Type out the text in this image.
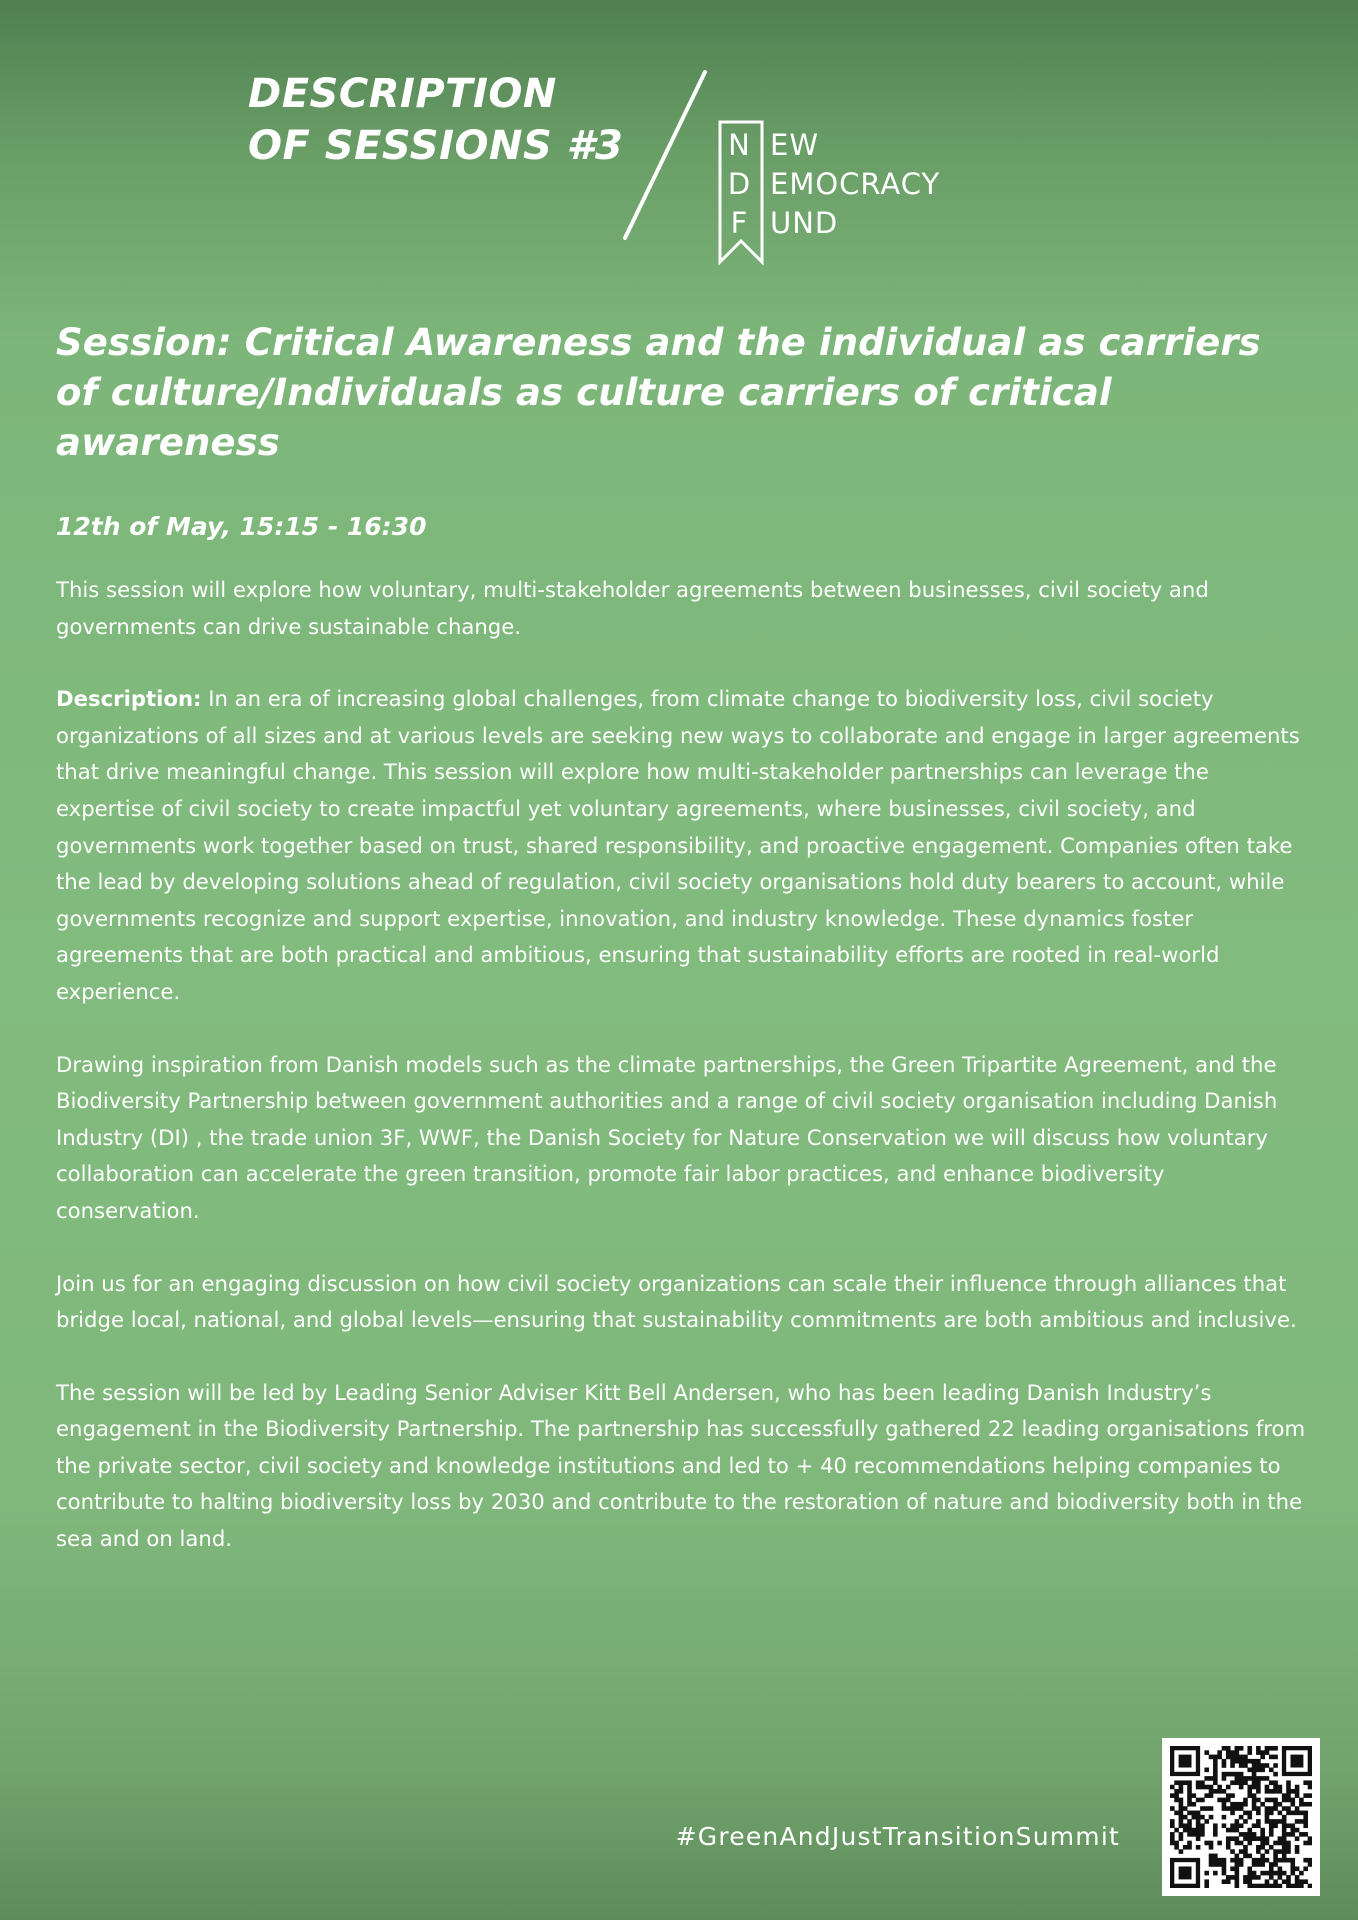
DESCRIPTION
OF SESSIONS #3	N
D
F
EW
EMOCRACY
UND
Session: Critical Awareness and the individual as carriers of culture/Individuals as culture carriers of critical awareness

12th of May, 15:15 - 16:30

This session will explore how voluntary, multi-stakeholder agreements between businesses, civil society and governments can drive sustainable change.

Description: In an era of increasing global challenges, from climate change to biodiversity loss, civil society organizations of all sizes and at various levels are seeking new ways to collaborate and engage in larger agreements that drive meaningful change. This session will explore how multi-stakeholder partnerships can leverage the expertise of civil society to create impactful yet voluntary agreements, where businesses, civil society, and governments work together based on trust, shared responsibility, and proactive engagement. Companies often take the lead by developing solutions ahead of regulation, civil society organisations hold duty bearers to account, while governments recognize and support expertise, innovation, and industry knowledge. These dynamics foster agreements that are both practical and ambitious, ensuring that sustainability efforts are rooted in real-world experience.

Drawing inspiration from Danish models such as the climate partnerships, the Green Tripartite Agreement, and the Biodiversity Partnership between government authorities and a range of civil society organisation including Danish Industry (DI) , the trade union 3F, WWF, the Danish Society for Nature Conservation we will discuss how voluntary collaboration can accelerate the green transition, promote fair labor practices, and enhance biodiversity conservation.

Join us for an engaging discussion on how civil society organizations can scale their influence through alliances that bridge local, national, and global levels—ensuring that sustainability commitments are both ambitious and inclusive.

The session will be led by Leading Senior Adviser Kitt Bell Andersen, who has been leading Danish Industry’s engagement in the Biodiversity Partnership. The partnership has successfully gathered 22 leading organisations from the private sector, civil society and knowledge institutions and led to + 40 recommendations helping companies to contribute to halting biodiversity loss by 2030 and contribute to the restoration of nature and biodiversity both in the sea and on land.

#GreenAndJustTransitionSummit
